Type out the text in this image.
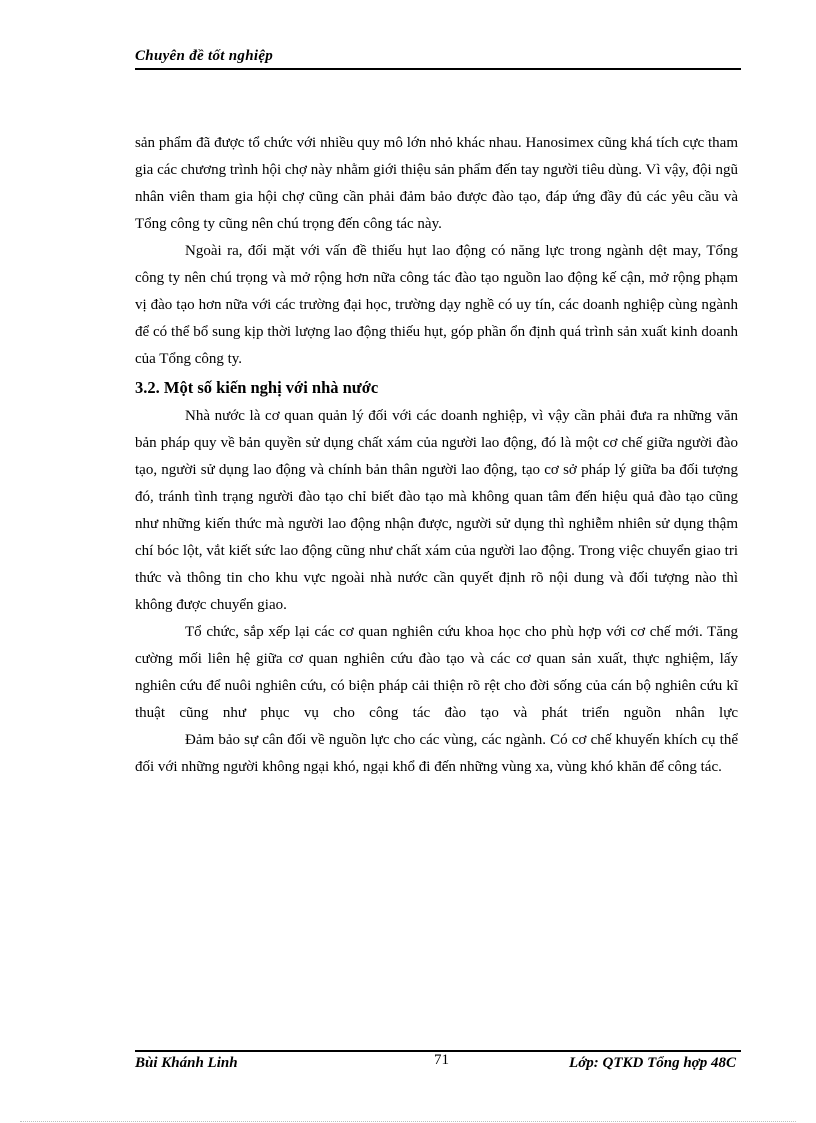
Chuyên đề tốt nghiệp

sản phẩm đã được tổ chức với nhiều quy mô lớn nhỏ khác nhau. Hanosimex cũng khá tích cực tham gia các chương trình hội chợ này nhằm giới thiệu sản phẩm đến tay người tiêu dùng. Vì vậy, đội ngũ nhân viên tham gia hội chợ cũng cần phải đảm bảo được đào tạo, đáp ứng đầy đủ các yêu cầu và Tổng công ty cũng nên chú trọng đến công tác này.

Ngoài ra, đối mặt với vấn đề thiếu hụt lao động có năng lực trong ngành dệt may, Tổng công ty nên chú trọng và mở rộng hơn nữa công tác đào tạo nguồn lao động kế cận, mở rộng phạm vị đào tạo hơn nữa với các trường đại học, trường dạy nghề có uy tín, các doanh nghiệp cùng ngành để có thể bổ sung kịp thời lượng lao động thiếu hụt, góp phần ổn định quá trình sản xuất kinh doanh của Tổng công ty.

3.2. Một số kiến nghị với nhà nước

Nhà nước là cơ quan quản lý đối với các doanh nghiệp, vì vậy cần phải đưa ra những văn bản pháp quy về bản quyền sử dụng chất xám của người lao động, đó là một cơ chế giữa người đào tạo, người sử dụng lao động và chính bản thân người lao động, tạo cơ sở pháp lý giữa ba đối tượng đó, tránh tình trạng người đào tạo chỉ biết đào tạo mà không quan tâm đến hiệu quả đào tạo cũng như những kiến thức mà người lao động nhận được, người sử dụng thì nghiễm nhiên sử dụng thậm chí bóc lột, vắt kiết sức lao động cũng như chất xám của người lao động. Trong việc chuyển giao tri thức và thông tin cho khu vực ngoài nhà nước cần quyết định rõ nội dung và đối tượng nào thì không được chuyển giao.

Tổ chức, sắp xếp lại các cơ quan nghiên cứu khoa học cho phù hợp với cơ chế mới. Tăng cường mối liên hệ giữa cơ quan nghiên cứu đào tạo và các cơ quan sản xuất, thực nghiệm, lấy nghiên cứu để nuôi nghiên cứu, có biện pháp cải thiện rõ rệt cho đời sống của cán bộ nghiên cứu kĩ thuật cũng như phục vụ cho công tác đào tạo và phát triển nguồn nhân lực

Đảm bảo sự cân đối về nguồn lực cho các vùng, các ngành. Có cơ chế khuyến khích cụ thể đối với những người không ngại khó, ngại khổ đi đến những vùng xa, vùng khó khăn để công tác.

Bùi Khánh Linh	71	Lớp: QTKD Tổng hợp 48C
